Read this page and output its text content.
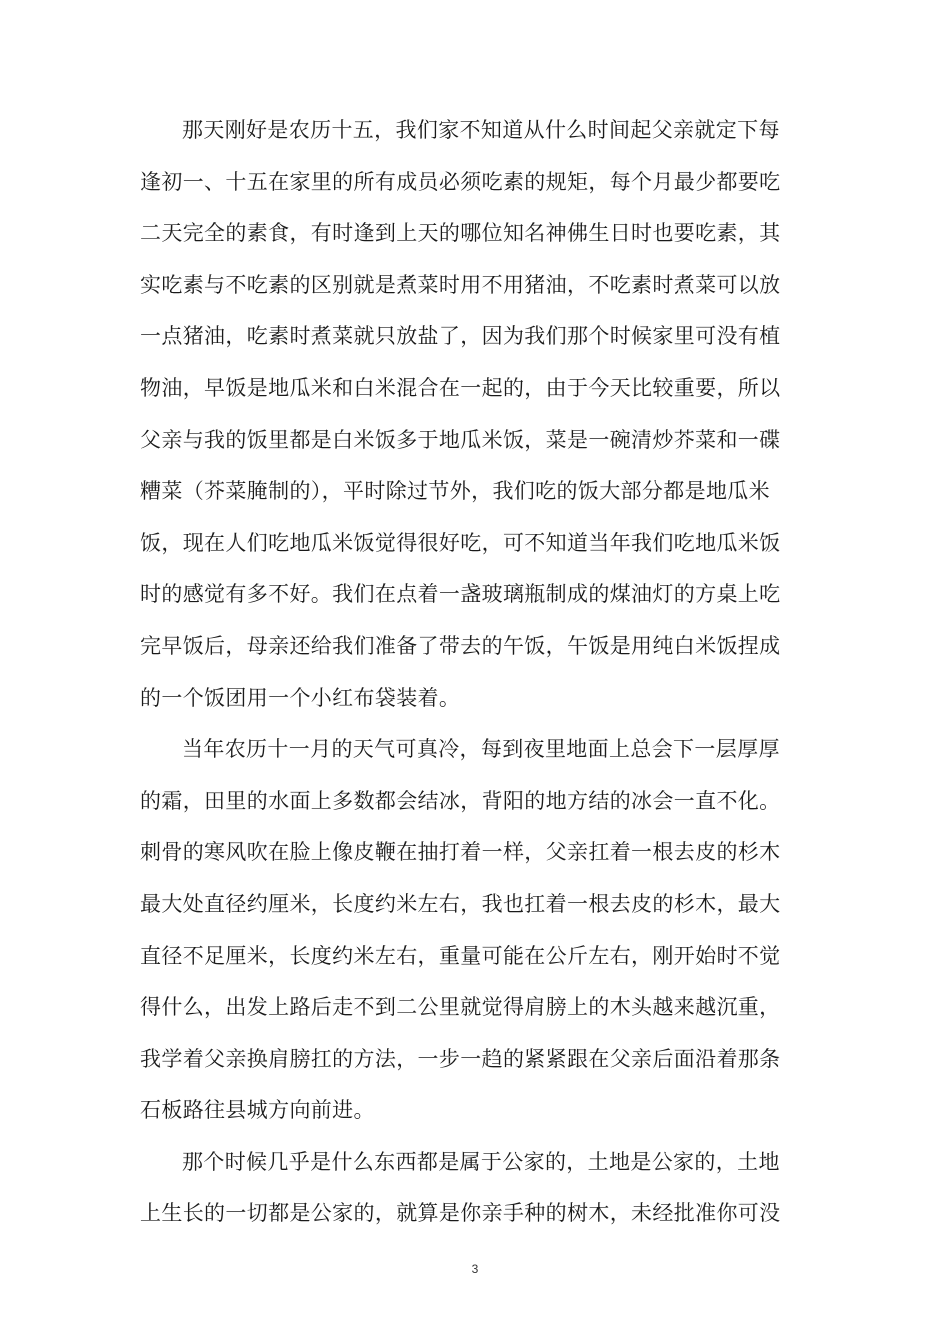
那天刚好是农历十五，我们家不知道从什么时间起父亲就定下每
逢初一、十五在家里的所有成员必须吃素的规矩，每个月最少都要吃
二天完全的素食，有时逢到上天的哪位知名神佛生日时也要吃素，其
实吃素与不吃素的区别就是煮菜时用不用猪油，不吃素时煮菜可以放
一点猪油，吃素时煮菜就只放盐了，因为我们那个时候家里可没有植
物油，早饭是地瓜米和白米混合在一起的，由于今天比较重要，所以
父亲与我的饭里都是白米饭多于地瓜米饭，菜是一碗清炒芥菜和一碟
糟菜（芥菜腌制的），平时除过节外，我们吃的饭大部分都是地瓜米
饭，现在人们吃地瓜米饭觉得很好吃，可不知道当年我们吃地瓜米饭
时的感觉有多不好。我们在点着一盏玻璃瓶制成的煤油灯的方桌上吃
完早饭后，母亲还给我们准备了带去的午饭，午饭是用纯白米饭捏成
的一个饭团用一个小红布袋装着。
当年农历十一月的天气可真冷，每到夜里地面上总会下一层厚厚
的霜，田里的水面上多数都会结冰，背阳的地方结的冰会一直不化。
刺骨的寒风吹在脸上像皮鞭在抽打着一样，父亲扛着一根去皮的杉木
最大处直径约厘米，长度约米左右，我也扛着一根去皮的杉木，最大
直径不足厘米，长度约米左右，重量可能在公斤左右，刚开始时不觉
得什么，出发上路后走不到二公里就觉得肩膀上的木头越来越沉重，
我学着父亲换肩膀扛的方法，一步一趋的紧紧跟在父亲后面沿着那条
石板路往县城方向前进。
那个时候几乎是什么东西都是属于公家的，土地是公家的，土地
上生长的一切都是公家的，就算是你亲手种的树木，未经批准你可没
3
